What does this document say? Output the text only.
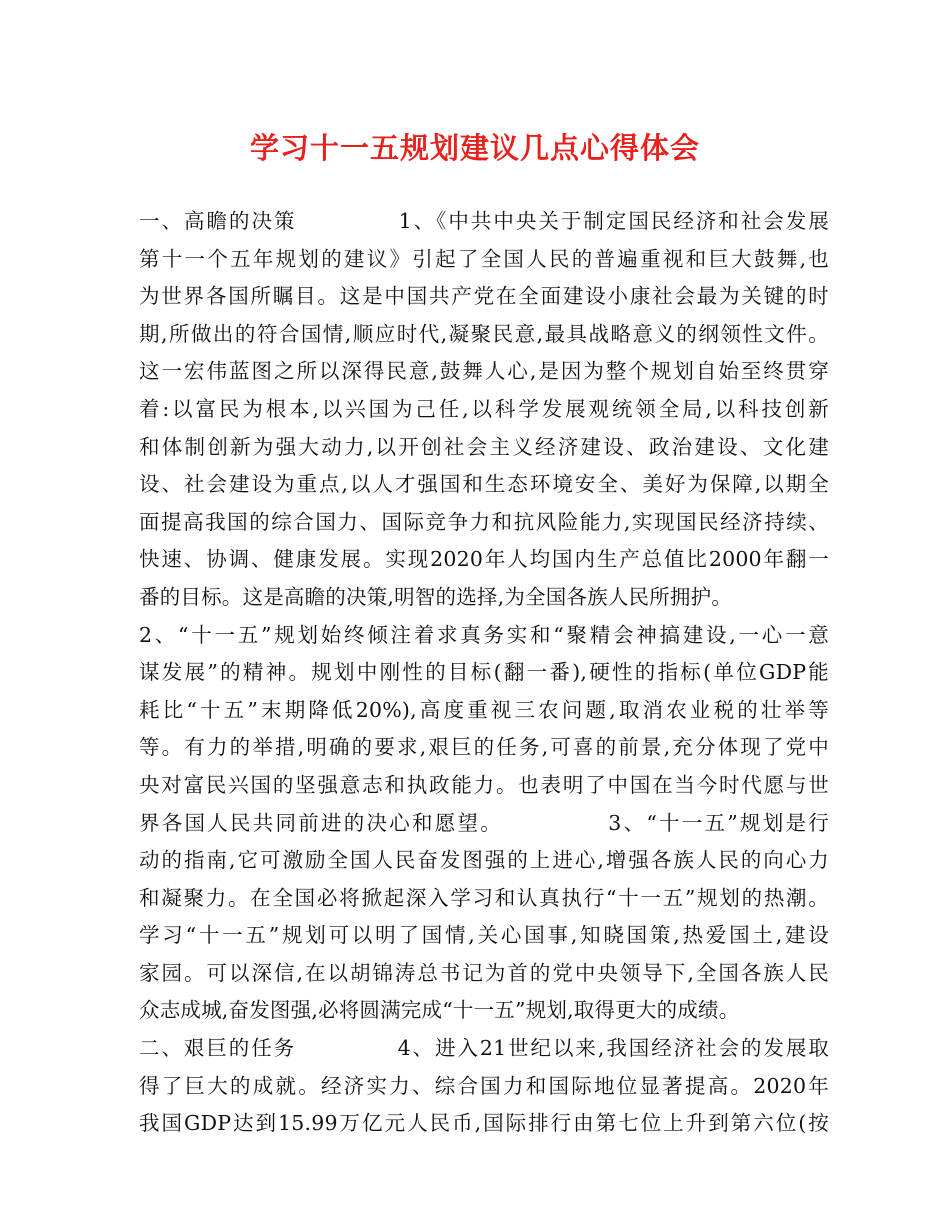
学习十一五规划建议几点心得体会
一、高瞻的决策            1、《中共中央关于制定国民经济和社会发展
第十一个五年规划的建议》引起了全国人民的普遍重视和巨大鼓舞,也
为世界各国所瞩目。这是中国共产党在全面建设小康社会最为关键的时
期,所做出的符合国情,顺应时代,凝聚民意,最具战略意义的纲领性文件。
这一宏伟蓝图之所以深得民意,鼓舞人心,是因为整个规划自始至终贯穿
着:以富民为根本,以兴国为己任,以科学发展观统领全局,以科技创新
和体制创新为强大动力,以开创社会主义经济建设、政治建设、文化建
设、社会建设为重点,以人才强国和生态环境安全、美好为保障,以期全
面提高我国的综合国力、国际竞争力和抗风险能力,实现国民经济持续、
快速、协调、健康发展。实现2020年人均国内生产总值比2000年翻一
番的目标。这是高瞻的决策,明智的选择,为全国各族人民所拥护。
2、“十一五”规划始终倾注着求真务实和“聚精会神搞建设,一心一意
谋发展”的精神。规划中刚性的目标(翻一番),硬性的指标(单位GDP能
耗比“十五”末期降低20%),高度重视三农问题,取消农业税的壮举等
等。有力的举措,明确的要求,艰巨的任务,可喜的前景,充分体现了党中
央对富民兴国的坚强意志和执政能力。也表明了中国在当今时代愿与世
界各国人民共同前进的决心和愿望。            3、“十一五”规划是行
动的指南,它可激励全国人民奋发图强的上进心,增强各族人民的向心力
和凝聚力。在全国必将掀起深入学习和认真执行“十一五”规划的热潮。
学习“十一五”规划可以明了国情,关心国事,知晓国策,热爱国土,建设
家园。可以深信,在以胡锦涛总书记为首的党中央领导下,全国各族人民
众志成城,奋发图强,必将圆满完成“十一五”规划,取得更大的成绩。
二、艰巨的任务            4、进入21世纪以来,我国经济社会的发展取
得了巨大的成就。经济实力、综合国力和国际地位显著提高。2020年
我国GDP达到15.99万亿元人民币,国际排行由第七位上升到第六位(按
